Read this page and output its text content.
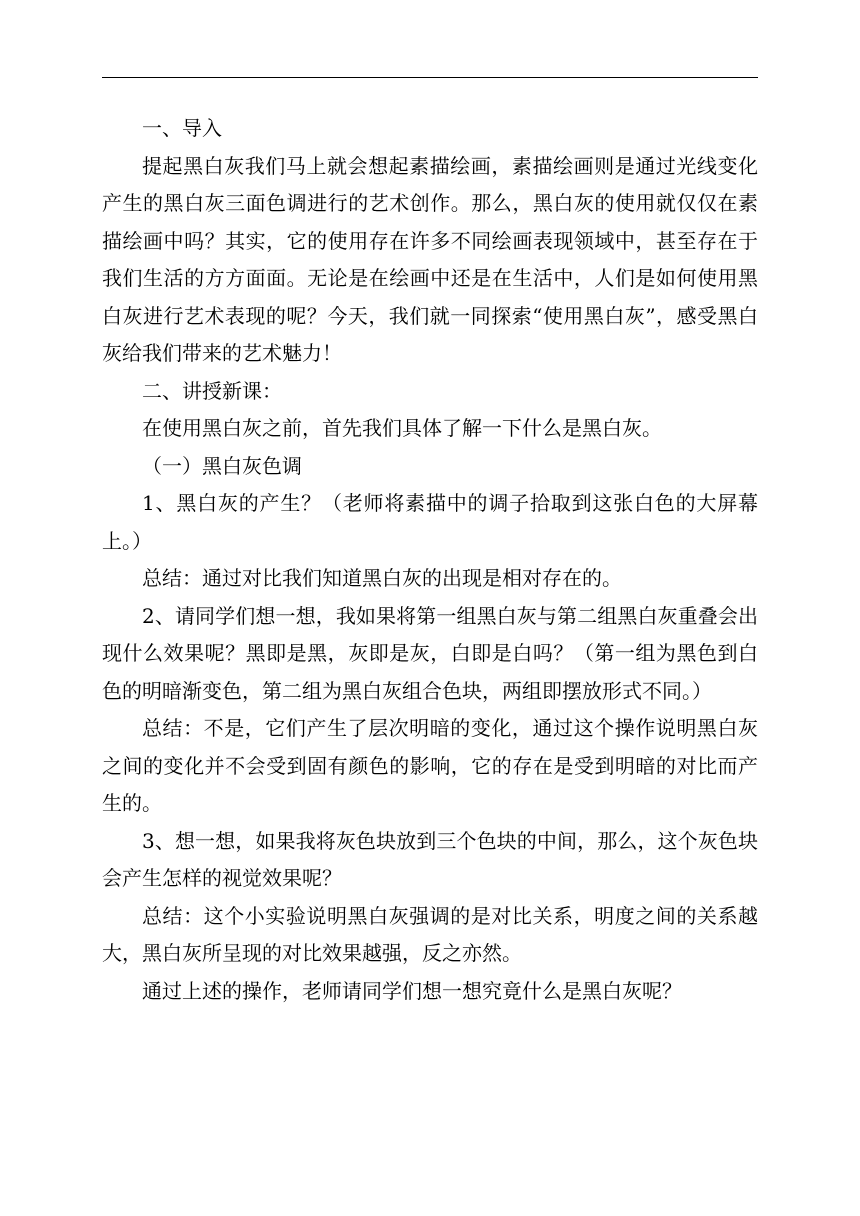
一、导入

提起黑白灰我们马上就会想起素描绘画，素描绘画则是通过光线变化产生的黑白灰三面色调进行的艺术创作。那么，黑白灰的使用就仅仅在素描绘画中吗？其实，它的使用存在许多不同绘画表现领域中，甚至存在于我们生活的方方面面。无论是在绘画中还是在生活中，人们是如何使用黑白灰进行艺术表现的呢？今天，我们就一同探索“使用黑白灰”，感受黑白灰给我们带来的艺术魅力！

二、讲授新课：

在使用黑白灰之前，首先我们具体了解一下什么是黑白灰。

（一）黑白灰色调

1、黑白灰的产生？（老师将素描中的调子拾取到这张白色的大屏幕上。）

总结：通过对比我们知道黑白灰的出现是相对存在的。

2、请同学们想一想，我如果将第一组黑白灰与第二组黑白灰重叠会出现什么效果呢？黑即是黑，灰即是灰，白即是白吗？（第一组为黑色到白色的明暗渐变色，第二组为黑白灰组合色块，两组即摆放形式不同。）

总结：不是，它们产生了层次明暗的变化，通过这个操作说明黑白灰之间的变化并不会受到固有颜色的影响，它的存在是受到明暗的对比而产生的。

3、想一想，如果我将灰色块放到三个色块的中间，那么，这个灰色块会产生怎样的视觉效果呢？

总结：这个小实验说明黑白灰强调的是对比关系，明度之间的关系越大，黑白灰所呈现的对比效果越强，反之亦然。

通过上述的操作，老师请同学们想一想究竟什么是黑白灰呢？
